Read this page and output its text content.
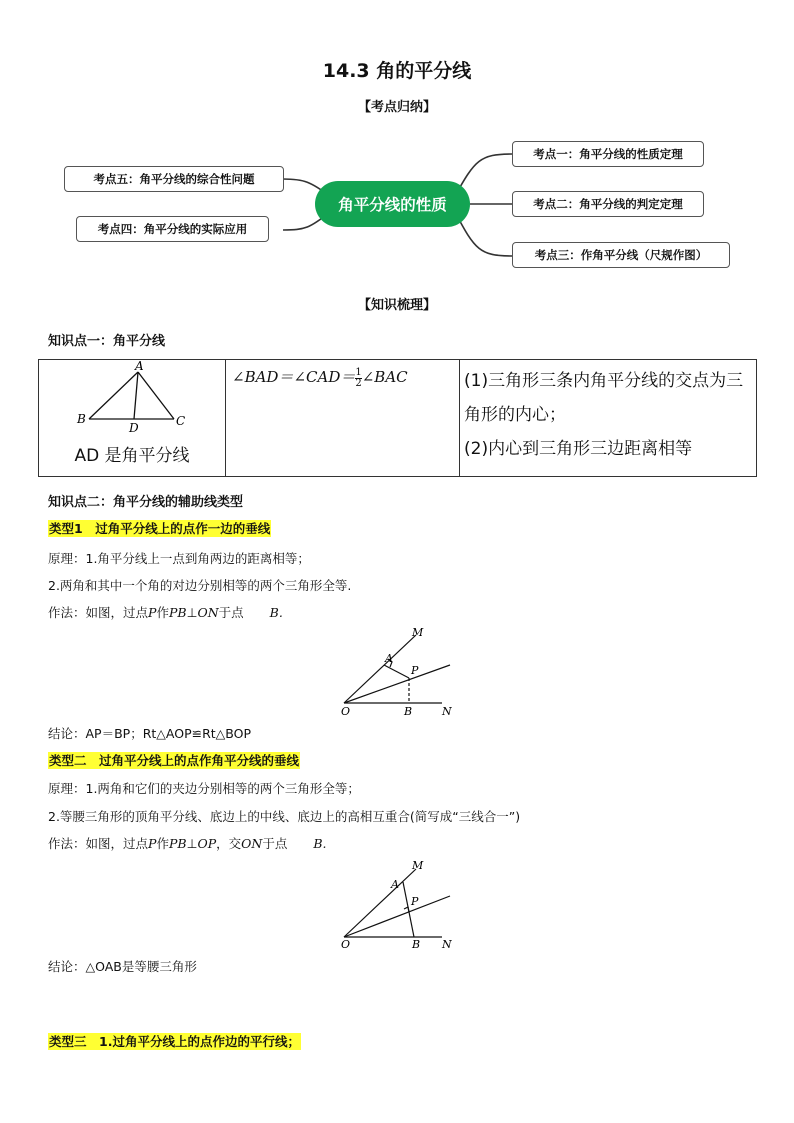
14.3 角的平分线
【考点归纳】
角平分线的性质
考点一：角平分线的性质定理
考点二：角平分线的判定定理
考点三：作角平分线（尺规作图）
考点五：角平分线的综合性问题
考点四：角平分线的实际应用
【知识梳理】
知识点一：角平分线
A
B
D	C
AD 是角平分线

∠BAD＝∠CAD＝ $\frac{1}{2}$ ∠BAC	(1)三角形三条内角平分线的交点为三角形的内心；
(2)内心到三角形三边距离相等
知识点二：角平分线的辅助线类型
类型1　过角平分线上的点作一边的垂线
原理：1.角平分线上一点到角两边的距离相等；
2.两角和其中一个角的对边分别相等的两个三角形全等.
作法：如图，过点P作PB⊥ON于点 B.
M
A
P
O	B	N
结论：AP＝BP；Rt△AOP≌Rt△BOP
类型二　过角平分线上的点作角平分线的垂线
原理：1.两角和它们的夹边分别相等的两个三角形全等；
2.等腰三角形的顶角平分线、底边上的中线、底边上的高相互重合(简写成“三线合一”)
作法：如图，过点P作PB⊥OP，交ON于点 B.
M
A
P
O	B N
结论：△OAB是等腰三角形
类型三　1.过角平分线上的点作边的平行线；
